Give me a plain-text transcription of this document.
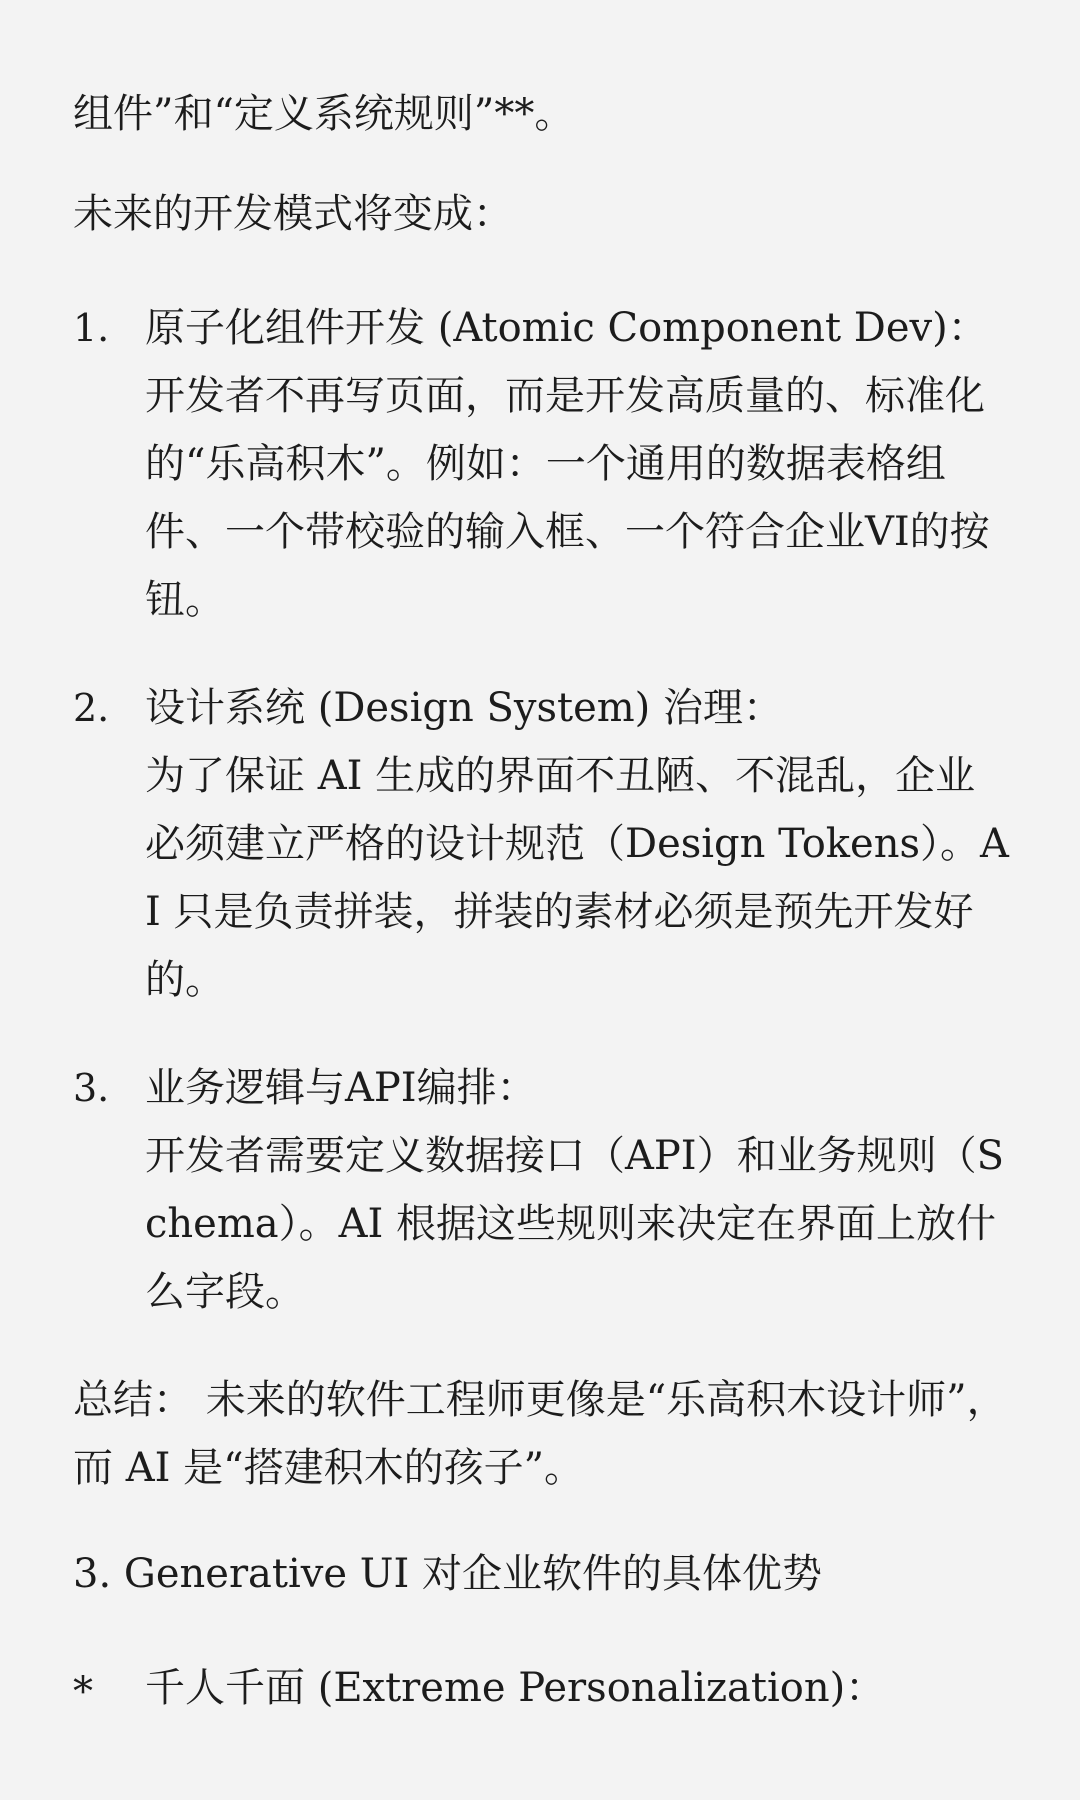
组件”和“定义系统规则”**。

未来的开发模式将变成：

1. 原子化组件开发 (Atomic Component Dev)：
开发者不再写页面，而是开发高质量的、标准化的“乐高积木”。例如：一个通用的数据表格组件、一个带校验的输入框、一个符合企业VI的按钮。
2. 设计系统 (Design System) 治理：
为了保证 AI 生成的界面不丑陋、不混乱，企业必须建立严格的设计规范（Design Tokens）。AI 只是负责拼装，拼装的素材必须是预先开发好的。
3. 业务逻辑与API编排：
开发者需要定义数据接口（API）和业务规则（Schema）。AI 根据这些规则来决定在界面上放什么字段。

总结： 未来的软件工程师更像是“乐高积木设计师”，而 AI 是“搭建积木的孩子”。

3. Generative UI 对企业软件的具体优势
*	千人千面 (Extreme Personalization)：
